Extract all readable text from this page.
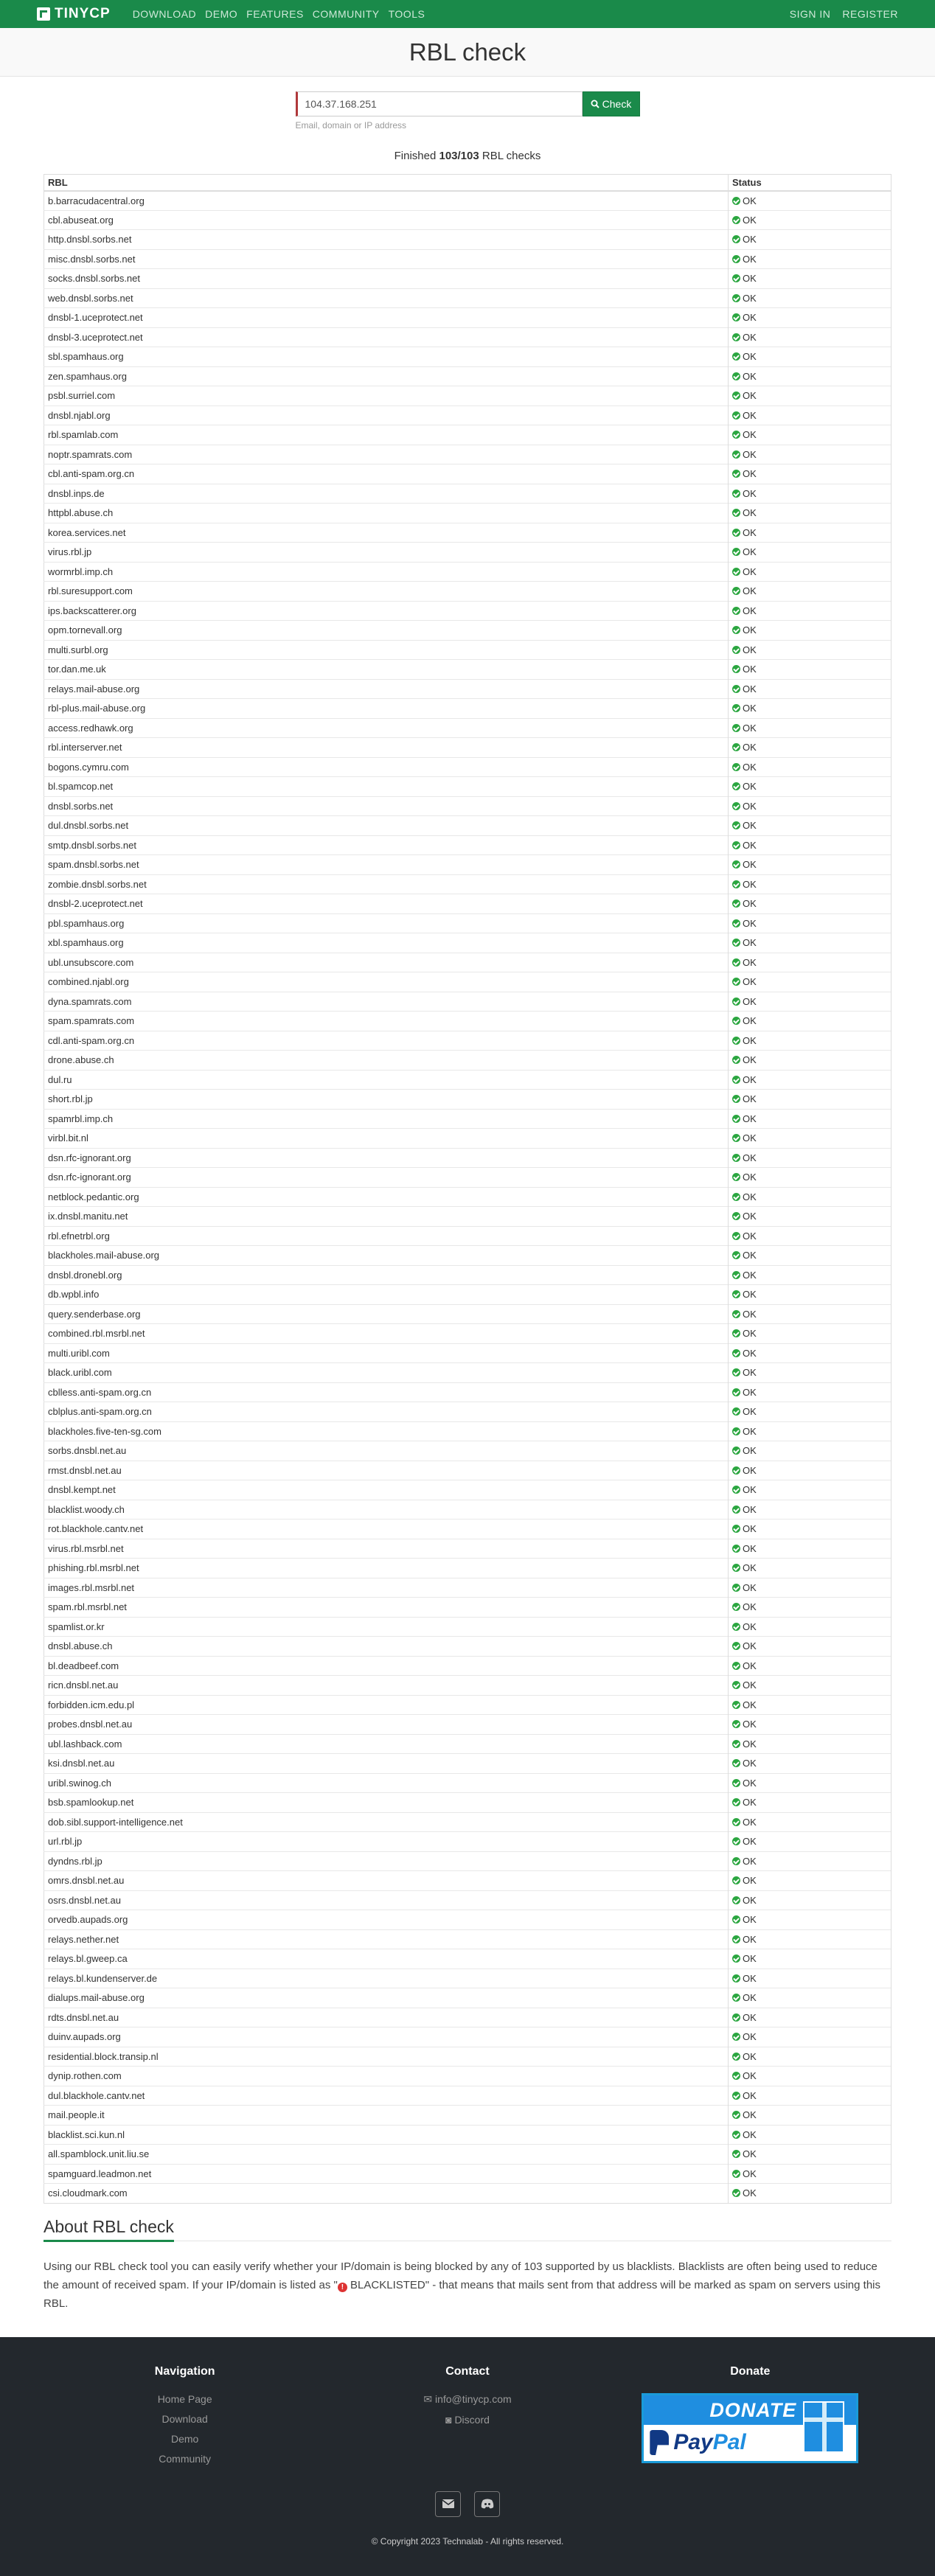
TINYCP DOWNLOAD DEMO FEATURES COMMUNITY TOOLS	SIGN IN REGISTER
RBL check
104.37.168.251
Check
Email, domain or IP address
Finished 103/103 RBL checks
RBL	Status
b.barracudacentral.org	OK
cbl.abuseat.org	OK
http.dnsbl.sorbs.net	OK
misc.dnsbl.sorbs.net	OK
socks.dnsbl.sorbs.net	OK
web.dnsbl.sorbs.net	OK
dnsbl-1.uceprotect.net	OK
dnsbl-3.uceprotect.net	OK
sbl.spamhaus.org	OK
zen.spamhaus.org	OK
psbl.surriel.com	OK
dnsbl.njabl.org	OK
rbl.spamlab.com	OK
noptr.spamrats.com	OK
cbl.anti-spam.org.cn	OK
dnsbl.inps.de	OK
httpbl.abuse.ch	OK
korea.services.net	OK
virus.rbl.jp	OK
wormrbl.imp.ch	OK
rbl.suresupport.com	OK
ips.backscatterer.org	OK
opm.tornevall.org	OK
multi.surbl.org	OK
tor.dan.me.uk	OK
relays.mail-abuse.org	OK
rbl-plus.mail-abuse.org	OK
access.redhawk.org	OK
rbl.interserver.net	OK
bogons.cymru.com	OK
bl.spamcop.net	OK
dnsbl.sorbs.net	OK
dul.dnsbl.sorbs.net	OK
smtp.dnsbl.sorbs.net	OK
spam.dnsbl.sorbs.net	OK
zombie.dnsbl.sorbs.net	OK
dnsbl-2.uceprotect.net	OK
pbl.spamhaus.org	OK
xbl.spamhaus.org	OK
ubl.unsubscore.com	OK
combined.njabl.org	OK
dyna.spamrats.com	OK
spam.spamrats.com	OK
cdl.anti-spam.org.cn	OK
drone.abuse.ch	OK
dul.ru	OK
short.rbl.jp	OK
spamrbl.imp.ch	OK
virbl.bit.nl	OK
dsn.rfc-ignorant.org	OK
dsn.rfc-ignorant.org	OK
netblock.pedantic.org	OK
ix.dnsbl.manitu.net	OK
rbl.efnetrbl.org	OK
blackholes.mail-abuse.org	OK
dnsbl.dronebl.org	OK
db.wpbl.info	OK
query.senderbase.org	OK
combined.rbl.msrbl.net	OK
multi.uribl.com	OK
black.uribl.com	OK
cblless.anti-spam.org.cn	OK
cblplus.anti-spam.org.cn	OK
blackholes.five-ten-sg.com	OK
sorbs.dnsbl.net.au	OK
rmst.dnsbl.net.au	OK
dnsbl.kempt.net	OK
blacklist.woody.ch	OK
rot.blackhole.cantv.net	OK
virus.rbl.msrbl.net	OK
phishing.rbl.msrbl.net	OK
images.rbl.msrbl.net	OK
spam.rbl.msrbl.net	OK
spamlist.or.kr	OK
dnsbl.abuse.ch	OK
bl.deadbeef.com	OK
ricn.dnsbl.net.au	OK
forbidden.icm.edu.pl	OK
probes.dnsbl.net.au	OK
ubl.lashback.com	OK
ksi.dnsbl.net.au	OK
uribl.swinog.ch	OK
bsb.spamlookup.net	OK
dob.sibl.support-intelligence.net	OK
url.rbl.jp	OK
dyndns.rbl.jp	OK
omrs.dnsbl.net.au	OK
osrs.dnsbl.net.au	OK
orvedb.aupads.org	OK
relays.nether.net	OK
relays.bl.gweep.ca	OK
relays.bl.kundenserver.de	OK
dialups.mail-abuse.org	OK
rdts.dnsbl.net.au	OK
duinv.aupads.org	OK
residential.block.transip.nl	OK
dynip.rothen.com	OK
dul.blackhole.cantv.net	OK
mail.people.it	OK
blacklist.sci.kun.nl	OK
all.spamblock.unit.liu.se	OK
spamguard.leadmon.net	OK
csi.cloudmark.com	OK
About RBL check

Using our RBL check tool you can easily verify whether your IP/domain is being blocked by any of 103 supported by us blacklists. Blacklists are often being used to reduce the amount of received spam. If your IP/domain is listed as " ! BLACKLISTED" - that means that mails sent from that address will be marked as spam on servers using this RBL.

Navigation
Home Page
Download
Demo
Community
Contact
✉ info@tinycp.com
◙ Discord
Donate
DONATE
Pay Pal
© Copyright 2023 Technalab - All rights reserved.
